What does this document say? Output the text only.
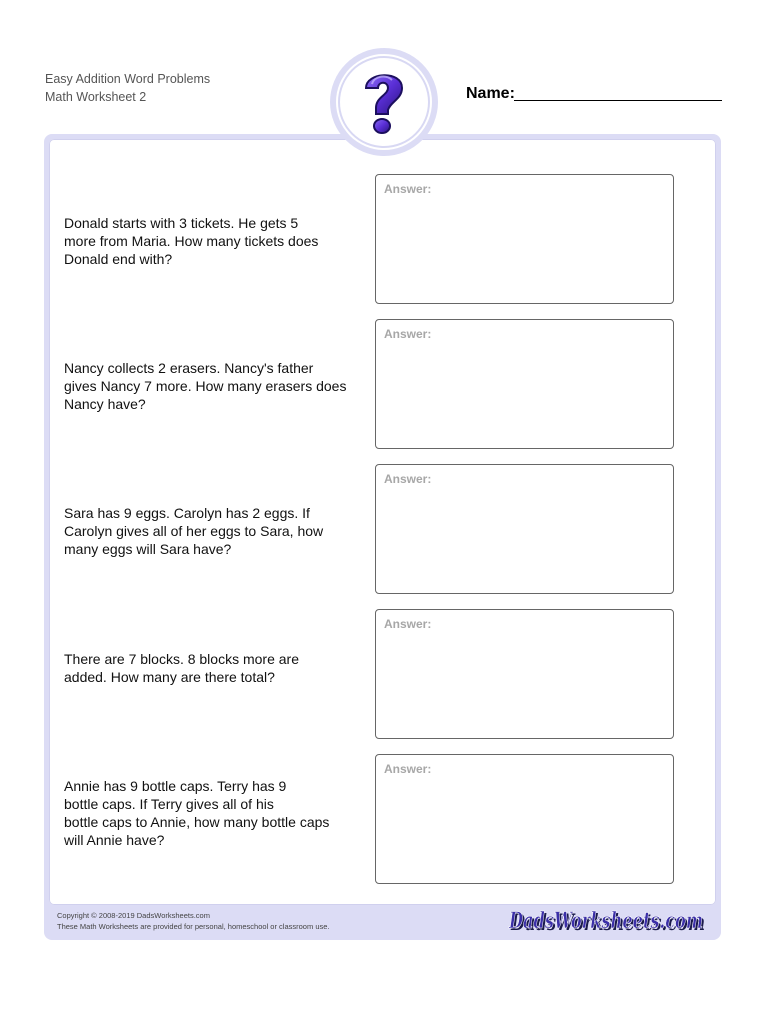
Easy Addition Word Problems
Math Worksheet 2	Name:
Donald starts with 3 tickets. He gets 5
more from Maria. How many tickets does
Donald end with?
Answer:
Nancy collects 2 erasers. Nancy's father
gives Nancy 7 more. How many erasers does
Nancy have?
Answer:
Sara has 9 eggs. Carolyn has 2 eggs. If
Carolyn gives all of her eggs to Sara, how
many eggs will Sara have?
Answer:
There are 7 blocks. 8 blocks more are
added. How many are there total?
Answer:
Annie has 9 bottle caps. Terry has 9
bottle caps. If Terry gives all of his
bottle caps to Annie, how many bottle caps
will Annie have?
Answer:
Copyright © 2008-2019 DadsWorksheets.com
These Math Worksheets are provided for personal, homeschool or classroom use.	DadsWorksheets.com
DadsWorksheets.com
